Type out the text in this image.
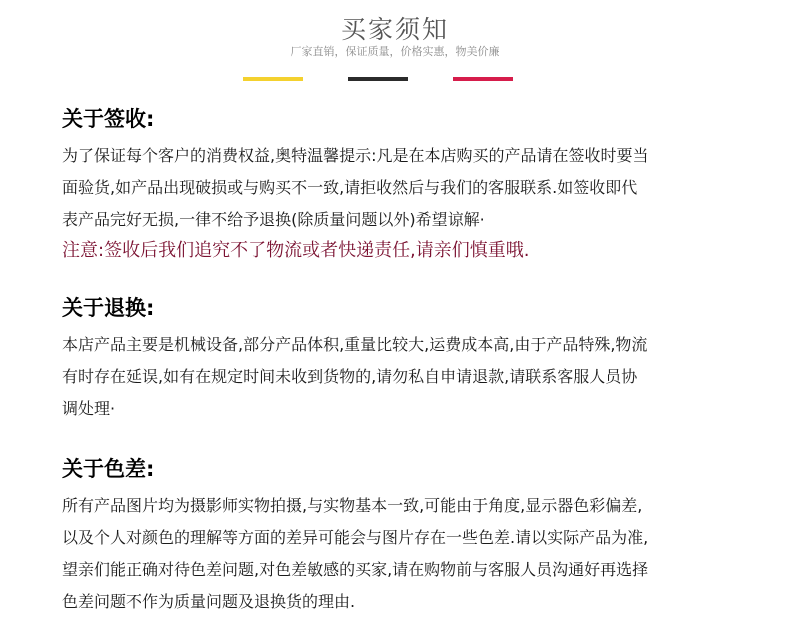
买家须知
厂家直销，保证质量，价格实惠，物美价廉
关于签收:
为了保证每个客户的消费权益,奥特温馨提示:凡是在本店购买的产品请在签收时要当
面验货,如产品出现破损或与购买不一致,请拒收然后与我们的客服联系.如签收即代
表产品完好无损,一律不给予退换(除质量问题以外)希望谅解·
注意:签收后我们追究不了物流或者快递责任,请亲们慎重哦.
关于退换:
本店产品主要是机械设备,部分产品体积,重量比较大,运费成本高,由于产品特殊,物流
有时存在延误,如有在规定时间未收到货物的,请勿私自申请退款,请联系客服人员协
调处理·
关于色差:
所有产品图片均为摄影师实物拍摄,与实物基本一致,可能由于角度,显示器色彩偏差,
以及个人对颜色的理解等方面的差异可能会与图片存在一些色差.请以实际产品为准,
望亲们能正确对待色差问题,对色差敏感的买家,请在购物前与客服人员沟通好再选择
色差问题不作为质量问题及退换货的理由.
